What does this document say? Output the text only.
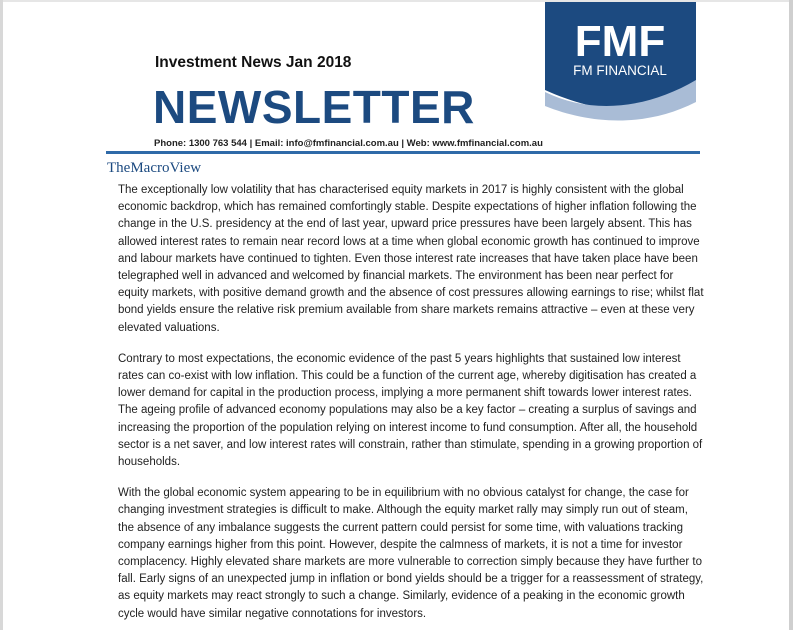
Investment News Jan 2018
NEWSLETTER
Phone: 1300 763 544 | Email: info@fmfinancial.com.au | Web: www.fmfinancial.com.au
TheMacroView
FMF
FM FINANCIAL

The exceptionally low volatility that has characterised equity markets in 2017 is highly consistent with the global economic backdrop, which has remained comfortingly stable. Despite expectations of higher inflation following the change in the U.S. presidency at the end of last year, upward price pressures have been largely absent. This has allowed interest rates to remain near record lows at a time when global economic growth has continued to improve and labour markets have continued to tighten. Even those interest rate increases that have taken place have been telegraphed well in advanced and welcomed by financial markets. The environment has been near perfect for equity markets, with positive demand growth and the absence of cost pressures allowing earnings to rise; whilst flat bond yields ensure the relative risk premium available from share markets remains attractive – even at these very elevated valuations.

Contrary to most expectations, the economic evidence of the past 5 years highlights that sustained low interest rates can co-exist with low inflation. This could be a function of the current age, whereby digitisation has created a lower demand for capital in the production process, implying a more permanent shift towards lower interest rates. The ageing profile of advanced economy populations may also be a key factor – creating a surplus of savings and increasing the proportion of the population relying on interest income to fund consumption. After all, the household sector is a net saver, and low interest rates will constrain, rather than stimulate, spending in a growing proportion of households.

With the global economic system appearing to be in equilibrium with no obvious catalyst for change, the case for changing investment strategies is difficult to make. Although the equity market rally may simply run out of steam, the absence of any imbalance suggests the current pattern could persist for some time, with valuations tracking company earnings higher from this point. However, despite the calmness of markets, it is not a time for investor complacency. Highly elevated share markets are more vulnerable to correction simply because they have further to fall. Early signs of an unexpected jump in inflation or bond yields should be a trigger for a reassessment of strategy, as equity markets may react strongly to such a change. Similarly, evidence of a peaking in the economic growth cycle would have similar negative connotations for investors.
